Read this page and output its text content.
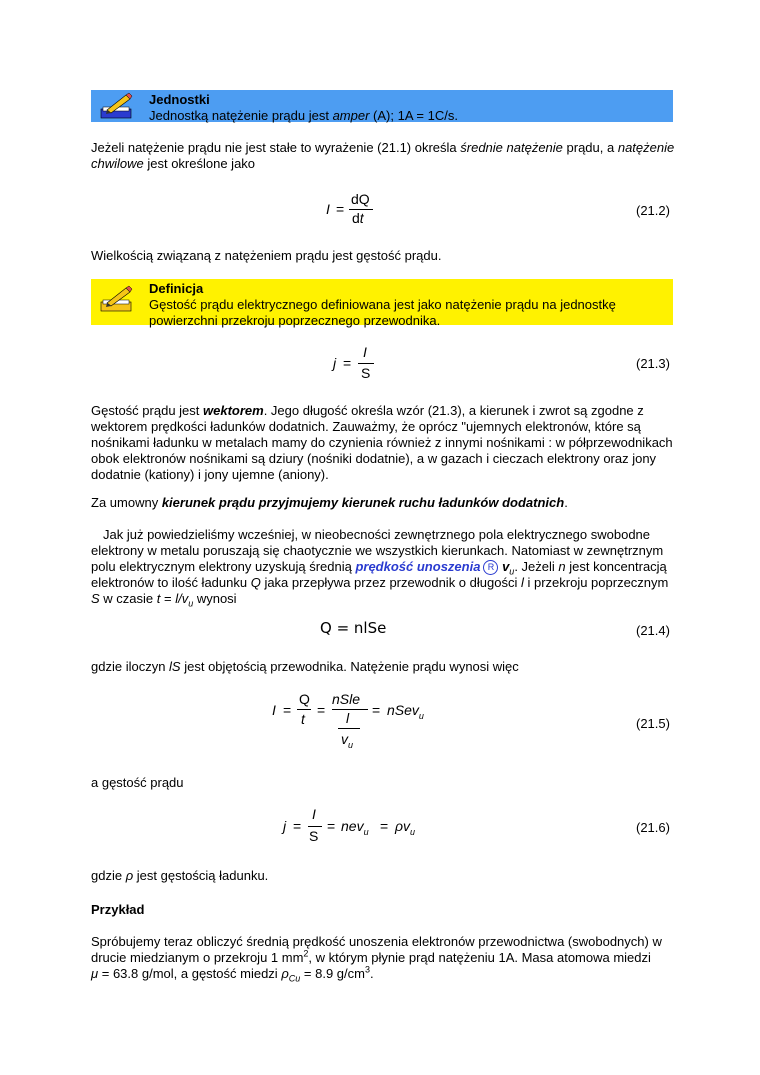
Jednostki
Jednostką natężenie prądu jest amper (A); 1A = 1C/s.
Jeżeli natężenie prądu nie jest stałe to wyrażenie (21.1) określa średnie natężenie prądu, a natężenie
chwilowe jest określone jako
I =
dQ
dt	(21.2)
Wielkością związaną z natężeniem prądu jest gęstość prądu.
Definicja
Gęstość prądu elektrycznego definiowana jest jako natężenie prądu na jednostkę
powierzchni przekroju poprzecznego przewodnika.
j =
I
S
(21.3)
Gęstość prądu jest wektorem. Jego długość określa wzór (21.3), a kierunek i zwrot są zgodne z
wektorem prędkości ładunków dodatnich. Zauważmy, że oprócz "ujemnych elektronów, które są
nośnikami ładunku w metalach mamy do czynienia również z innymi nośnikami : w półprzewodnikach
obok elektronów nośnikami są dziury (nośniki dodatnie), a w gazach i cieczach elektrony oraz jony
dodatnie (kationy) i jony ujemne (aniony).
Za umowny kierunek prądu przyjmujemy kierunek ruchu ładunków dodatnich.
Jak już powiedzieliśmy wcześniej, w nieobecności zewnętrznego pola elektrycznego swobodne
elektrony w metalu poruszają się chaotycznie we wszystkich kierunkach. Natomiast w zewnętrznym
polu elektrycznym elektrony uzyskują średnią prędkość unoszenia R $v_u$. Jeżeli n jest koncentracją
elektronów to ilość ładunku Q jaka przepływa przez przewodnik o długości l i przekroju poprzecznym
S w czasie $t = l/v_u$ wynosi
Q = nlSe	(21.4)
gdzie iloczyn lS jest objętością przewodnika. Natężenie prądu wynosi więc
I =
Q
t
=
nSle
l
$v_u$
= nSev$_u$
(21.5)
a gęstość prądu
j =
I
S
= $nev_u = \rho v_u$	(21.6)
gdzie ρ jest gęstością ładunku.
Przykład
Spróbujemy teraz obliczyć średnią prędkość unoszenia elektronów przewodnictwa (swobodnych) w
drucie miedzianym o przekroju 1 $mm^2$, w którym płynie prąd natężeniu 1A. Masa atomowa miedzi
μ = 63.8 g/mol, a gęstość miedzi $\rho_{Cu} = 8.9$ $g/cm^3$.
